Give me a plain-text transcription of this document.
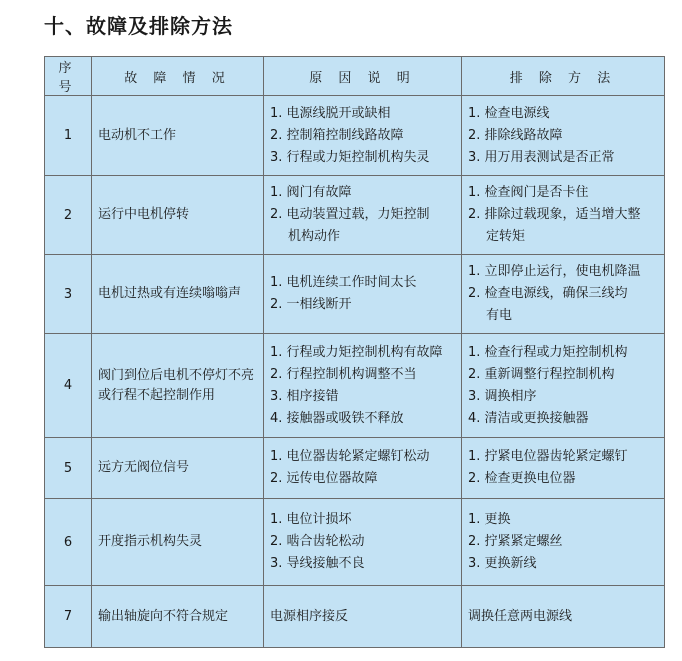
十、故障及排除方法
序号	故 障 情 况	原 因 说 明	排 除 方 法
1	电动机不工作	1. 电源线脱开或缺相
2. 控制箱控制线路故障
3. 行程或力矩控制机构失灵	1. 检查电源线
2. 排除线路故障
3. 用万用表测试是否正常

2	运行中电机停转	1. 阀门有故障
2. 电动装置过载，力矩控制
机构动作	1. 检查阀门是否卡住
2. 排除过载现象，适当增大整
定转矩

3	电机过热或有连续嗡嗡声	1. 电机连续工作时间太长
2. 一相线断开	1. 立即停止运行，使电机降温
2. 检查电源线，确保三线均
有电

4	阀门到位后电机不停灯不亮或行程不起控制作用	1. 行程或力矩控制机构有故障
2. 行程控制机构调整不当
3. 相序接错
4. 接触器或吸铁不释放	1. 检查行程或力矩控制机构
2. 重新调整行程控制机构
3. 调换相序
4. 清洁或更换接触器

5	远方无阀位信号	1. 电位器齿轮紧定螺钉松动
2. 远传电位器故障	1. 拧紧电位器齿轮紧定螺钉
2. 检查更换电位器

6	开度指示机构失灵	1. 电位计损坏
2. 啮合齿轮松动
3. 导线接触不良	1. 更换
2. 拧紧紧定螺丝
3. 更换新线

7	输出轴旋向不符合规定	电源相序接反	调换任意两电源线
